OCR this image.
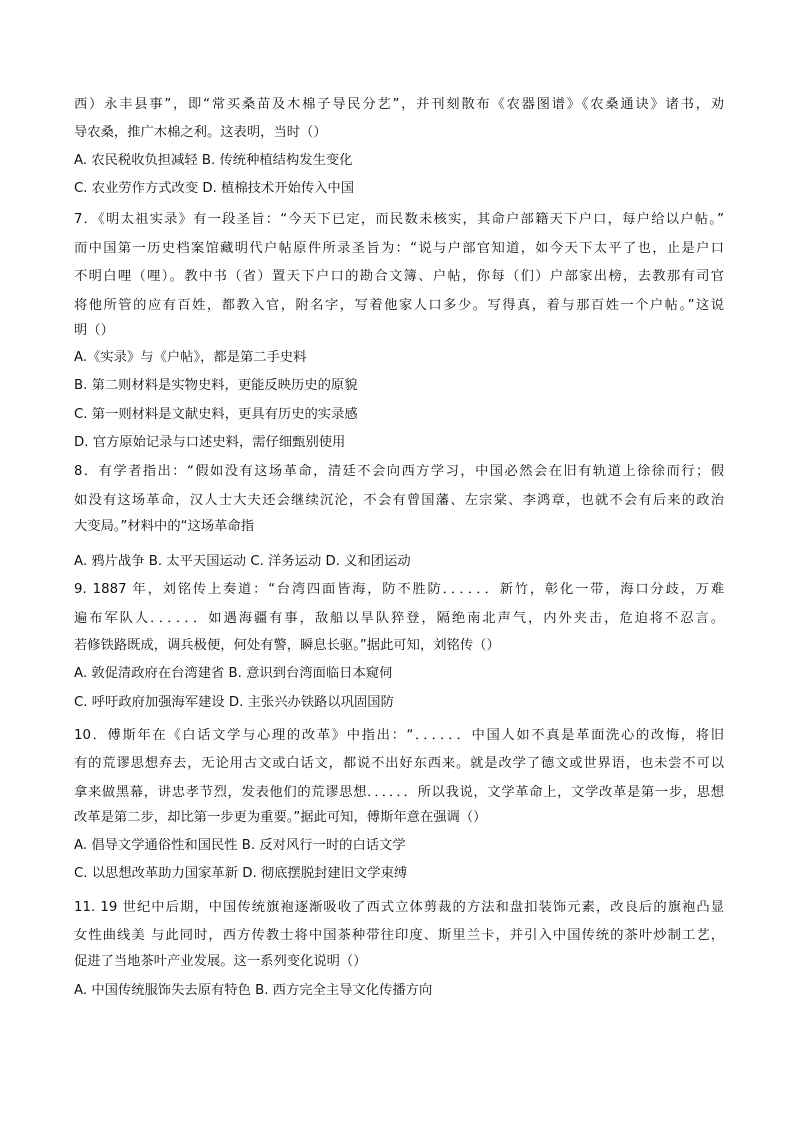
西）永丰县事”，即“常买桑苗及木棉子导民分艺”，并刊刻散布《农器图谱》《农桑通诀》诸书，劝
导农桑，推广木棉之利。这表明，当时（）
A. 农民税收负担减轻 B. 传统种植结构发生变化
C. 农业劳作方式改变 D. 植棉技术开始传入中国
7．《明太祖实录》有一段圣旨：“今天下已定，而民数未核实，其命户部籍天下户口，每户给以户帖。”
而中国第一历史档案馆藏明代户帖原件所录圣旨为：“说与户部官知道，如今天下太平了也，止是户口
不明白哩（哩）。教中书（省）置天下户口的勘合文簿、户帖，你每（们）户部家出榜，去教那有司官
将他所管的应有百姓，都教入官，附名字，写着他家人口多少。写得真，着与那百姓一个户帖。”这说
明（）
A.《实录》与《户帖》，都是第二手史料
B. 第二则材料是实物史料，更能反映历史的原貌
C. 第一则材料是文献史料，更具有历史的实录感
D. 官方原始记录与口述史料，需仔细甄别使用
8．有学者指出：“假如没有这场革命，清廷不会向西方学习，中国必然会在旧有轨道上徐徐而行；假
如没有这场革命，汉人士大夫还会继续沉沦，不会有曾国藩、左宗棠、李鸿章，也就不会有后来的政治
大变局。”材料中的“这场革命指
A. 鸦片战争 B. 太平天国运动 C. 洋务运动 D. 义和团运动
9. 1887 年，刘铭传上奏道：“台湾四面皆海，防不胜防．．．．．．新竹，彰化一带，海口分歧，万难
遍布军队人．．．．．．如遇海疆有事，敌船以旱队猝登，隔绝南北声气，内外夹击，危迫将不忍言。
若修铁路既成，调兵极便，何处有警，瞬息长驱。”据此可知，刘铭传（）
A. 敦促清政府在台湾建省 B. 意识到台湾面临日本窥伺
C. 呼吁政府加强海军建设 D. 主张兴办铁路以巩固国防
10．傅斯年在《白话文学与心理的改革》中指出：“．．．．．．中国人如不真是革面洗心的改悔，将旧
有的荒谬思想弃去，无论用古文或白话文，都说不出好东西来。就是改学了德文或世界语，也未尝不可以
拿来做黑幕，讲忠孝节烈，发表他们的荒谬思想．．．．．．所以我说，文学革命上，文学改革是第一步，思想
改革是第二步，却比第一步更为重要。”据此可知，傅斯年意在强调（）
A. 倡导文学通俗性和国民性 B. 反对风行一时的白话文学
C. 以思想改革助力国家革新 D. 彻底摆脱封建旧文学束缚
11. 19 世纪中后期，中国传统旗袍逐渐吸收了西式立体剪裁的方法和盘扣装饰元素，改良后的旗袍凸显
女性曲线美 与此同时，西方传教士将中国茶种带往印度、斯里兰卡，并引入中国传统的茶叶炒制工艺，
促进了当地茶叶产业发展。这一系列变化说明（）
A. 中国传统服饰失去原有特色 B. 西方完全主导文化传播方向
